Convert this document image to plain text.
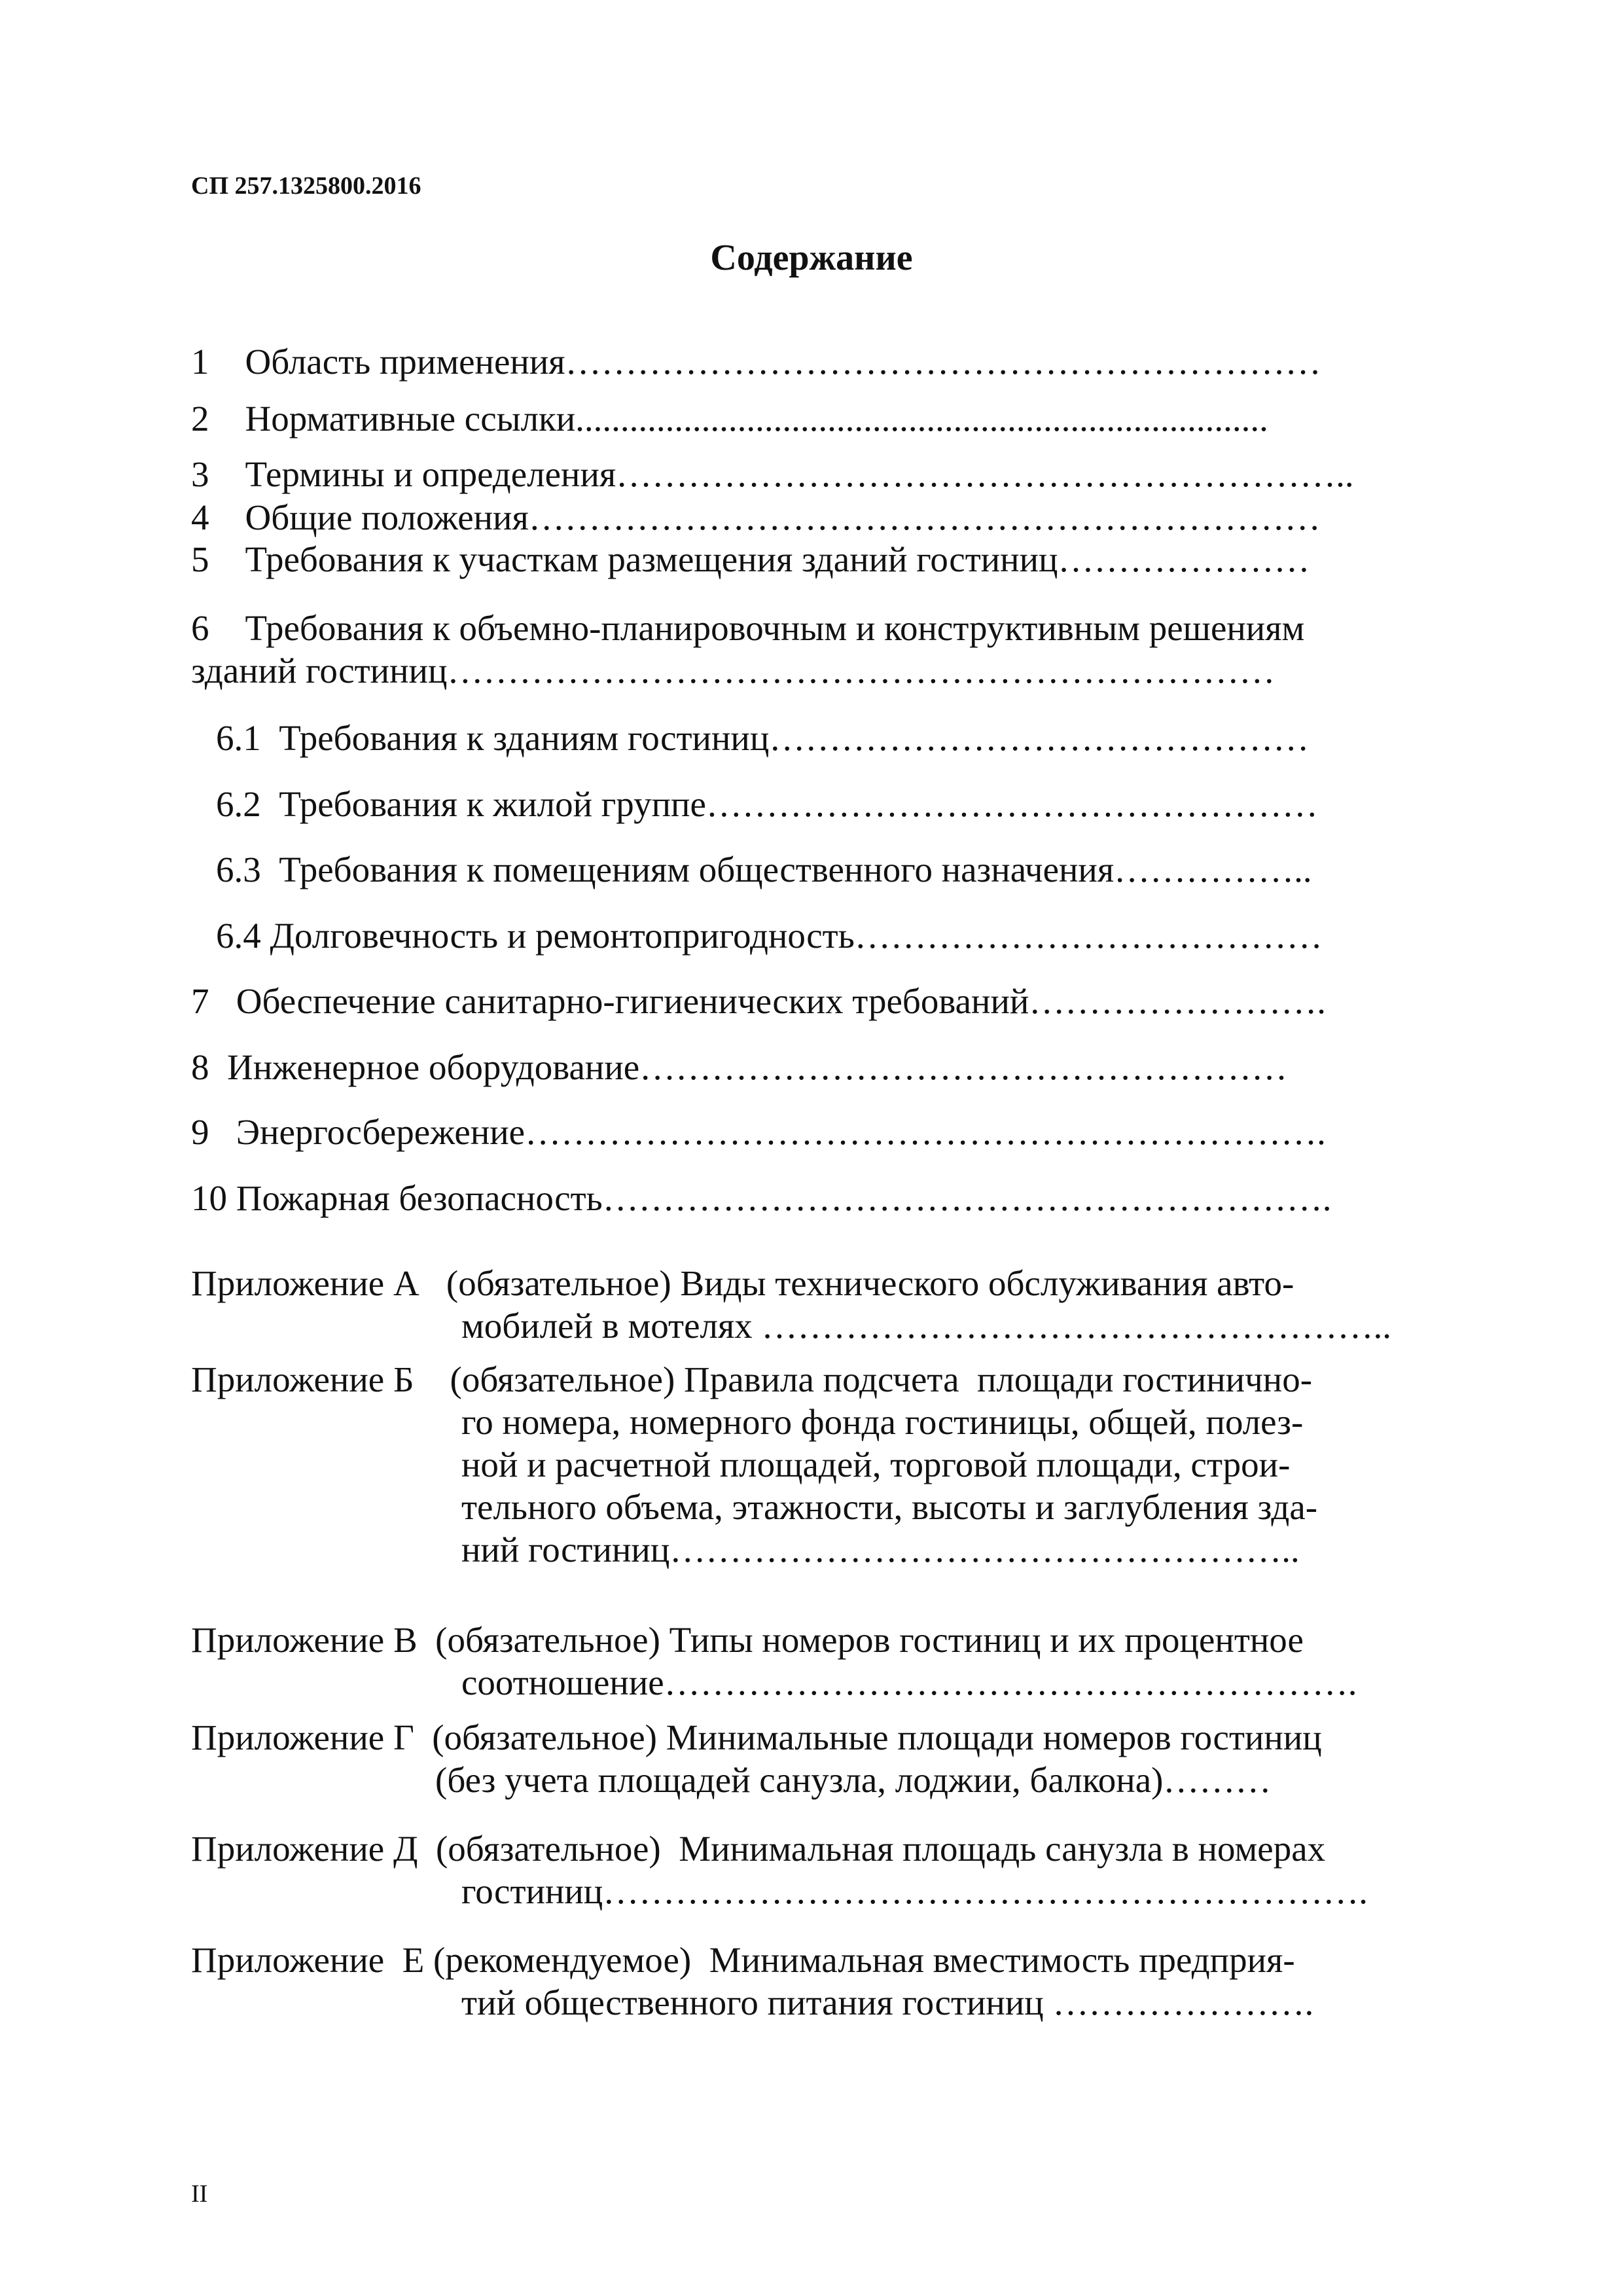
СП 257.1325800.2016
Содержание
1    Область применения………………………………………………………
2    Нормативные ссылки.............................................................................
3    Термины и определения……………………………………………………..
4    Общие положения…………………………………………………………
5    Требования к участкам размещения зданий гостиниц…………………
6    Требования к объемно-планировочным и конструктивным решениям
зданий гостиниц……………………………………………………………
6.1  Требования к зданиям гостиниц………………………………………
6.2  Требования к жилой группе……………………………………………
6.3  Требования к помещениям общественного назначения……………..
6.4 Долговечность и ремонтопригодность…………………………………
7   Обеспечение санитарно-гигиенических требований…………………….
8  Инженерное оборудование………………………………………………
9   Энергосбережение………………………………………………………….
10 Пожарная безопасность…………………………………………………….
Приложение А   (обязательное) Виды технического обслуживания авто-
мобилей в мотелях ……………………………………………..
Приложение Б    (обязательное) Правила подсчета  площади гостинично-
го номера, номерного фонда гостиницы, общей, полез-
ной и расчетной площадей, торговой площади, строи-
тельного объема, этажности, высоты и заглубления зда-
ний гостиниц……………………………………………..
Приложение В  (обязательное) Типы номеров гостиниц и их процентное
соотношение………………………………………………….
Приложение Г  (обязательное) Минимальные площади номеров гостиниц
(без учета площадей санузла, лоджии, балкона)………
Приложение Д  (обязательное)  Минимальная площадь санузла в номерах
гостиниц……………………………………………………….
Приложение  Е (рекомендуемое)  Минимальная вместимость предприя-
тий общественного питания гостиниц ………………….
II
